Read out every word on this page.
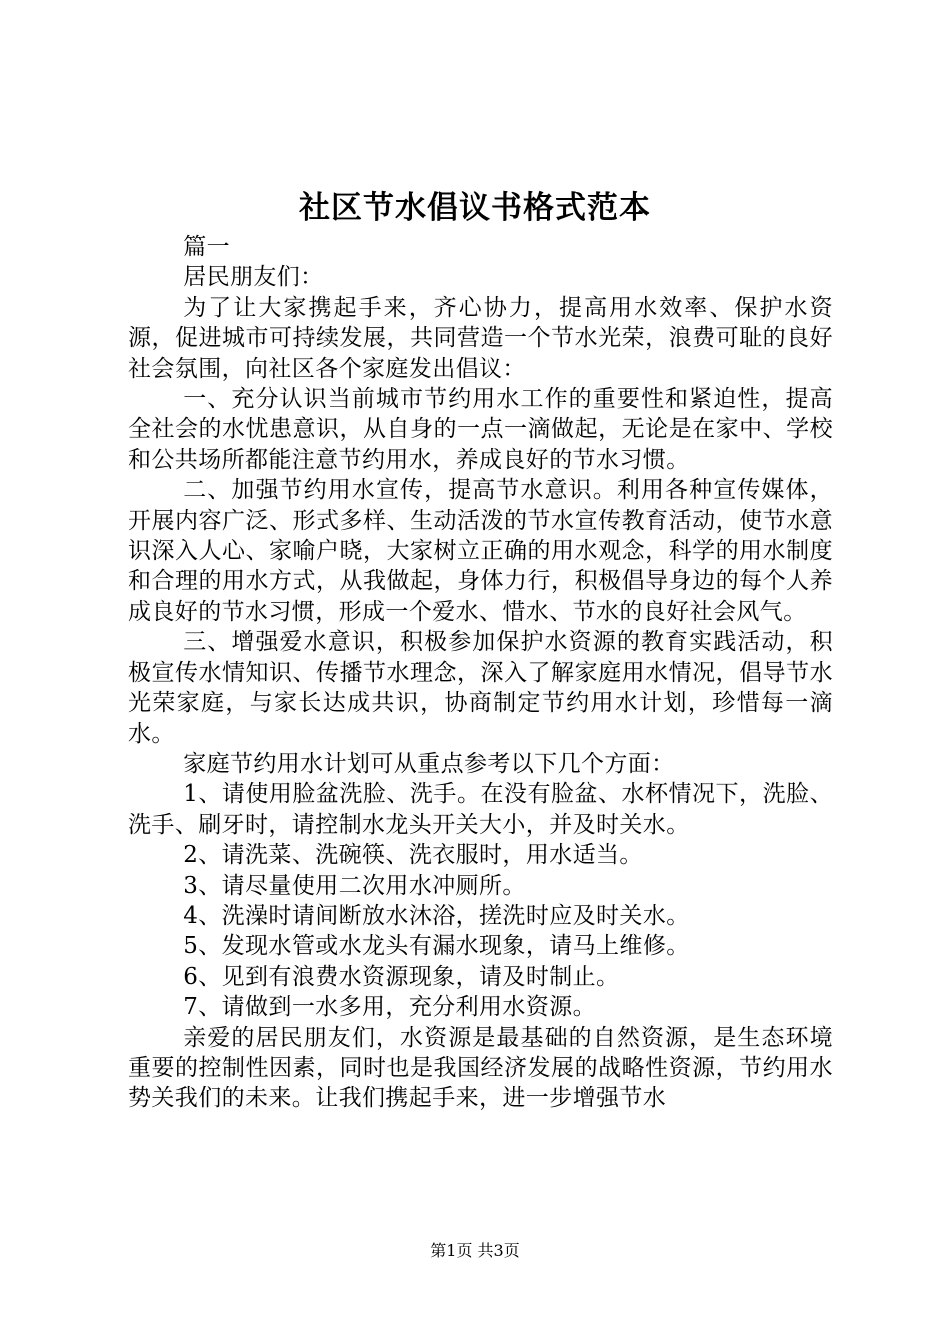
社区节水倡议书格式范本

篇一

居民朋友们：

为了让大家携起手来，齐心协力，提高用水效率、保护水资源，促进城市可持续发展，共同营造一个节水光荣，浪费可耻的良好社会氛围，向社区各个家庭发出倡议：

一、充分认识当前城市节约用水工作的重要性和紧迫性，提高全社会的水忧患意识，从自身的一点一滴做起，无论是在家中、学校和公共场所都能注意节约用水，养成良好的节水习惯。

二、加强节约用水宣传，提高节水意识。利用各种宣传媒体，开展内容广泛、形式多样、生动活泼的节水宣传教育活动，使节水意识深入人心、家喻户晓，大家树立正确的用水观念，科学的用水制度和合理的用水方式，从我做起，身体力行，积极倡导身边的每个人养成良好的节水习惯，形成一个爱水、惜水、节水的良好社会风气。

三、增强爱水意识，积极参加保护水资源的教育实践活动，积极宣传水情知识、传播节水理念，深入了解家庭用水情况，倡导节水光荣家庭，与家长达成共识，协商制定节约用水计划，珍惜每一滴水。

家庭节约用水计划可从重点参考以下几个方面：

1、请使用脸盆洗脸、洗手。在没有脸盆、水杯情况下，洗脸、洗手、刷牙时，请控制水龙头开关大小，并及时关水。

2、请洗菜、洗碗筷、洗衣服时，用水适当。

3、请尽量使用二次用水冲厕所。

4、洗澡时请间断放水沐浴，搓洗时应及时关水。

5、发现水管或水龙头有漏水现象，请马上维修。

6、见到有浪费水资源现象，请及时制止。

7、请做到一水多用，充分利用水资源。

亲爱的居民朋友们，水资源是最基础的自然资源，是生态环境重要的控制性因素，同时也是我国经济发展的战略性资源，节约用水势关我们的未来。让我们携起手来，进一步增强节水

第1页 共3页
